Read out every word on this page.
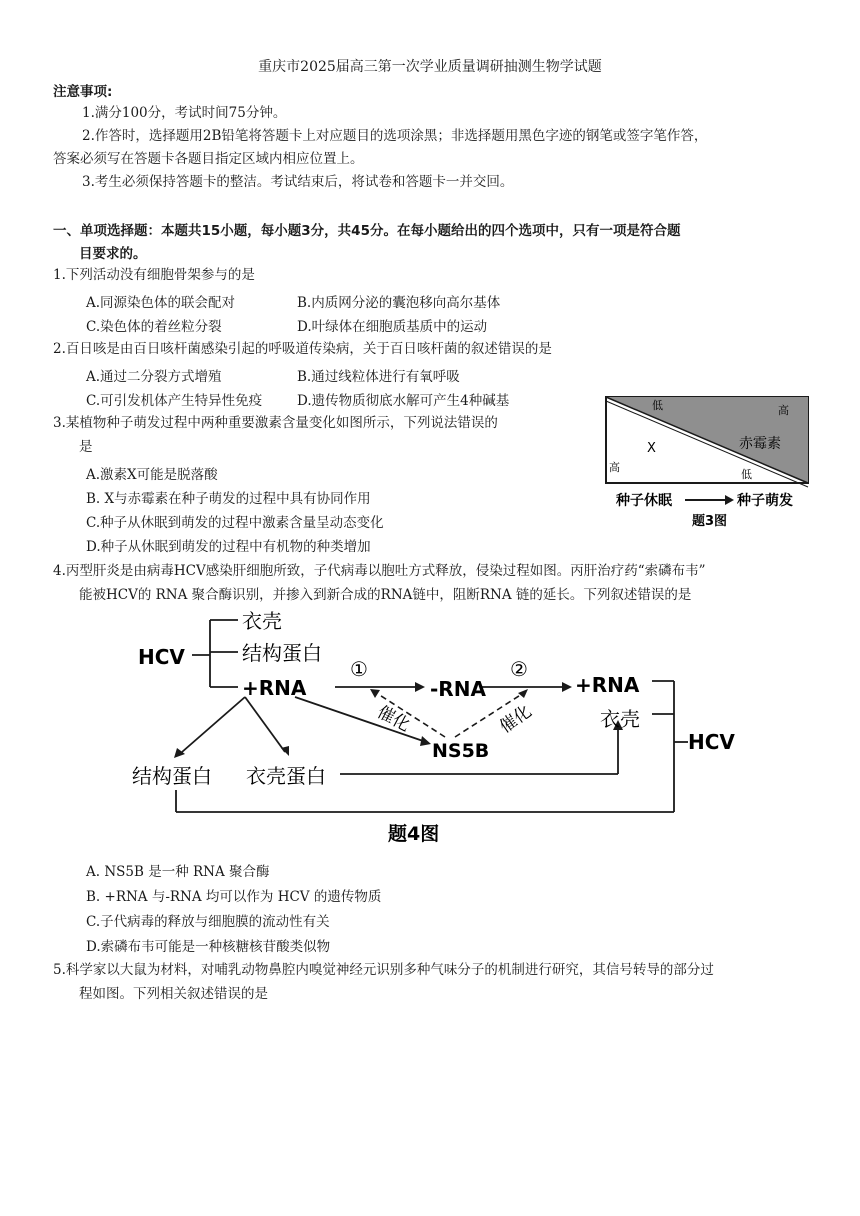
重庆市2025届高三第一次学业质量调研抽测生物学试题
注意事项:
1.满分100分，考试时间75分钟。
2.作答时，选择题用2B铅笔将答题卡上对应题目的选项涂黑；非选择题用黑色字迹的钢笔或签字笔作答，
答案必须写在答题卡各题目指定区域内相应位置上。
3.考生必须保持答题卡的整洁。考试结束后，将试卷和答题卡一并交回。
一、单项选择题：本题共15小题，每小题3分，共45分。在每小题给出的四个选项中，只有一项是符合题
目要求的。
1.下列活动没有细胞骨架参与的是
A.同源染色体的联会配对	B.内质网分泌的囊泡移向高尔基体
C.染色体的着丝粒分裂	D.叶绿体在细胞质基质中的运动
2.百日咳是由百日咳杆菌感染引起的呼吸道传染病，关于百日咳杆菌的叙述错误的是
A.通过二分裂方式增殖	B.通过线粒体进行有氧呼吸
C.可引发机体产生特异性免疫	D.遗传物质彻底水解可产生4种碱基
3.某植物种子萌发过程中两种重要激素含量变化如图所示，下列说法错误的
是
A.激素X可能是脱落酸
B. X与赤霉素在种子萌发的过程中具有协同作用
C.种子从休眠到萌发的过程中激素含量呈动态变化
D.种子从休眠到萌发的过程中有机物的种类增加
低	高
赤霉素
X
高
低
种子休眠	种子萌发
题3图
4.丙型肝炎是由病毒HCV感染肝细胞所致，子代病毒以胞吐方式释放，侵染过程如图。丙肝治疗药“索磷布韦”
能被HCV的 RNA 聚合酶识别，并掺入到新合成的RNA链中，阻断RNA 链的延长。下列叙述错误的是
HCV
衣壳
结构蛋白
+RNA
①
-RNA
②
+RNA
催化	催化
NS5B
衣壳
HCV
结构蛋白 衣壳蛋白
题4图
A. NS5B 是一种 RNA 聚合酶
B. +RNA 与-RNA 均可以作为 HCV 的遗传物质
C.子代病毒的释放与细胞膜的流动性有关
D.索磷布韦可能是一种核糖核苷酸类似物
5.科学家以大鼠为材料，对哺乳动物鼻腔内嗅觉神经元识别多种气味分子的机制进行研究，其信号转导的部分过
程如图。下列相关叙述错误的是
